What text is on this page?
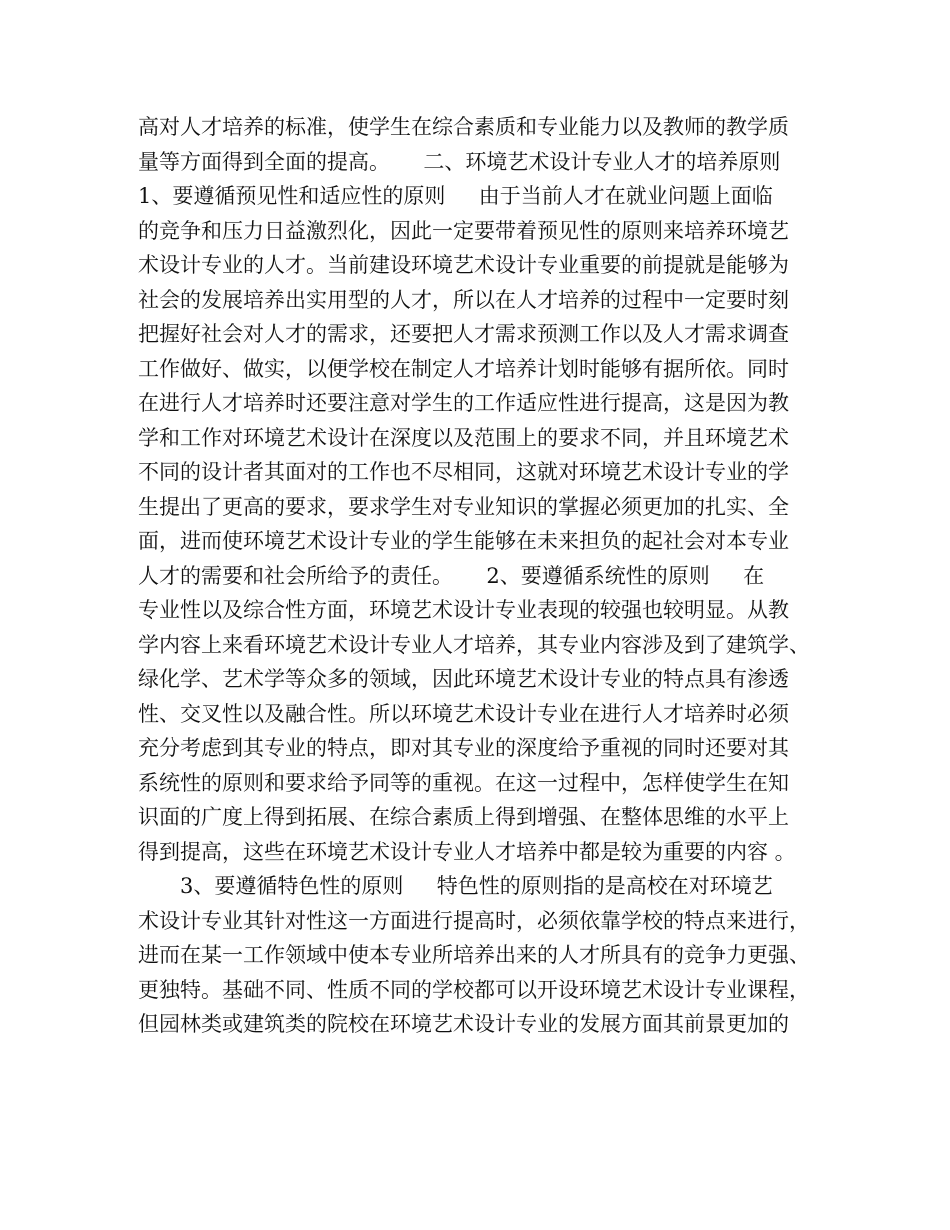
高对人才培养的标准，使学生在综合素质和专业能力以及教师的教学质
量等方面得到全面的提高。     二、环境艺术设计专业人才的培养原则
1、要遵循预见性和适应性的原则     由于当前人才在就业问题上面临
的竞争和压力日益激烈化，因此一定要带着预见性的原则来培养环境艺
术设计专业的人才。当前建设环境艺术设计专业重要的前提就是能够为
社会的发展培养出实用型的人才，所以在人才培养的过程中一定要时刻
把握好社会对人才的需求，还要把人才需求预测工作以及人才需求调查
工作做好、做实，以便学校在制定人才培养计划时能够有据所依。同时
在进行人才培养时还要注意对学生的工作适应性进行提高，这是因为教
学和工作对环境艺术设计在深度以及范围上的要求不同，并且环境艺术
不同的设计者其面对的工作也不尽相同，这就对环境艺术设计专业的学
生提出了更高的要求，要求学生对专业知识的掌握必须更加的扎实、全
面，进而使环境艺术设计专业的学生能够在未来担负的起社会对本专业
人才的需要和社会所给予的责任。     2、要遵循系统性的原则     在
专业性以及综合性方面，环境艺术设计专业表现的较强也较明显。从教
学内容上来看环境艺术设计专业人才培养，其专业内容涉及到了建筑学、
绿化学、艺术学等众多的领域，因此环境艺术设计专业的特点具有渗透
性、交叉性以及融合性。所以环境艺术设计专业在进行人才培养时必须
充分考虑到其专业的特点，即对其专业的深度给予重视的同时还要对其
系统性的原则和要求给予同等的重视。在这一过程中，怎样使学生在知
识面的广度上得到拓展、在综合素质上得到增强、在整体思维的水平上
得到提高，这些在环境艺术设计专业人才培养中都是较为重要的内容 。
3、要遵循特色性的原则     特色性的原则指的是高校在对环境艺
术设计专业其针对性这一方面进行提高时，必须依靠学校的特点来进行，
进而在某一工作领域中使本专业所培养出来的人才所具有的竞争力更强、
更独特。基础不同、性质不同的学校都可以开设环境艺术设计专业课程，
但园林类或建筑类的院校在环境艺术设计专业的发展方面其前景更加的
